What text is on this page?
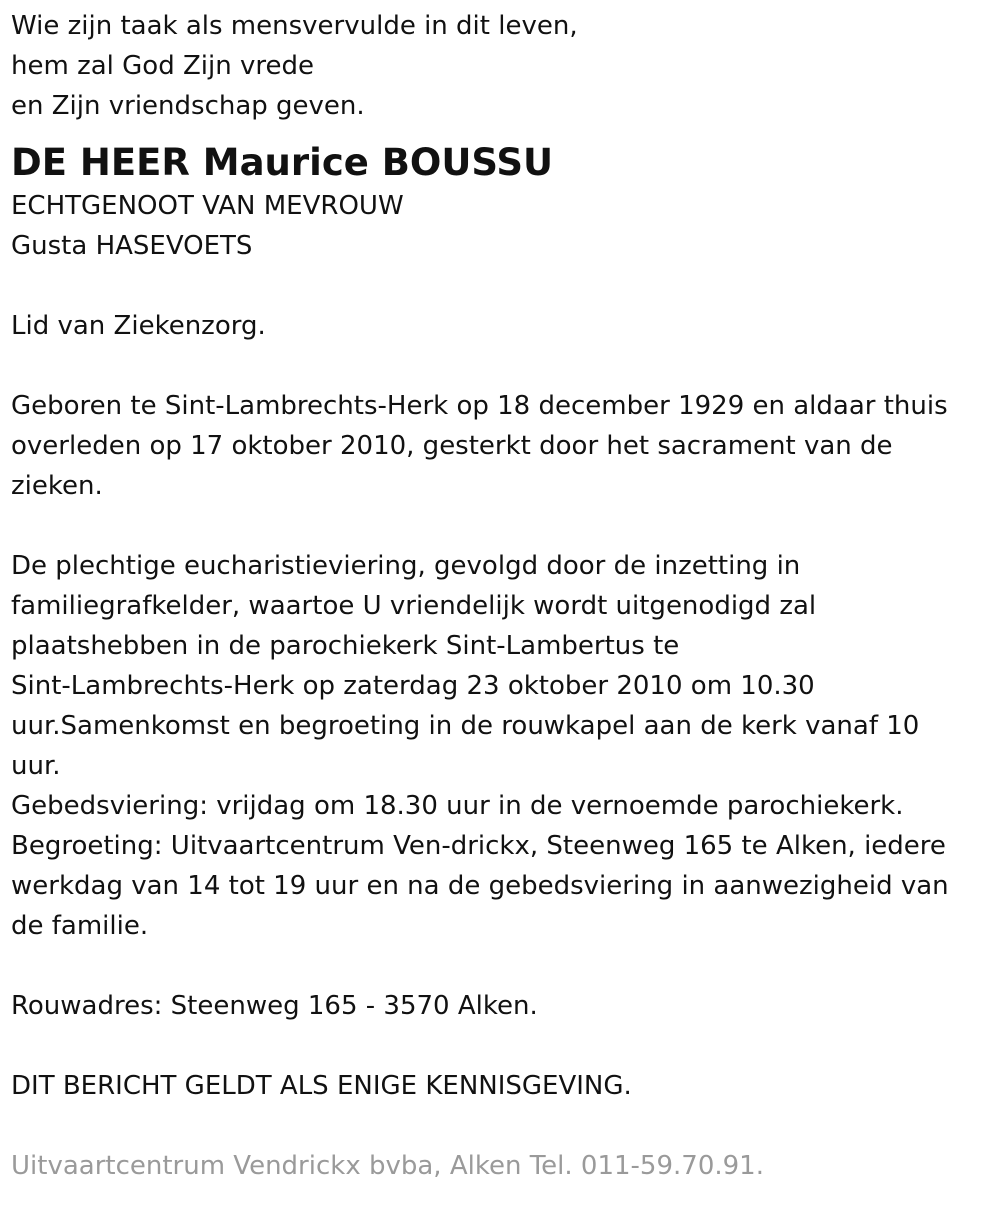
Wie zijn taak als mensvervulde in dit leven,
hem zal God Zijn vrede
en Zijn vriendschap geven.
DE HEER Maurice BOUSSU
ECHTGENOOT VAN MEVROUW
Gusta HASEVOETS
Lid van Ziekenzorg.
Geboren te Sint-Lambrechts-Herk op 18 december 1929 en aldaar thuis
overleden op 17 oktober 2010, gesterkt door het sacrament van de
zieken.
De plechtige eucharistieviering, gevolgd door de inzetting in
familiegrafkelder, waartoe U vriendelijk wordt uitgenodigd zal
plaatshebben in de parochiekerk Sint-Lambertus te
Sint-Lambrechts-Herk op zaterdag 23 oktober 2010 om 10.30
uur.Samenkomst en begroeting in de rouwkapel aan de kerk vanaf 10
uur.
Gebedsviering: vrijdag om 18.30 uur in de vernoemde parochiekerk.
Begroeting: Uitvaartcentrum Ven-drickx, Steenweg 165 te Alken, iedere
werkdag van 14 tot 19 uur en na de gebedsviering in aanwezigheid van
de familie.
Rouwadres: Steenweg 165 - 3570 Alken.
DIT BERICHT GELDT ALS ENIGE KENNISGEVING.
Uitvaartcentrum Vendrickx bvba, Alken Tel. 011-59.70.91.
